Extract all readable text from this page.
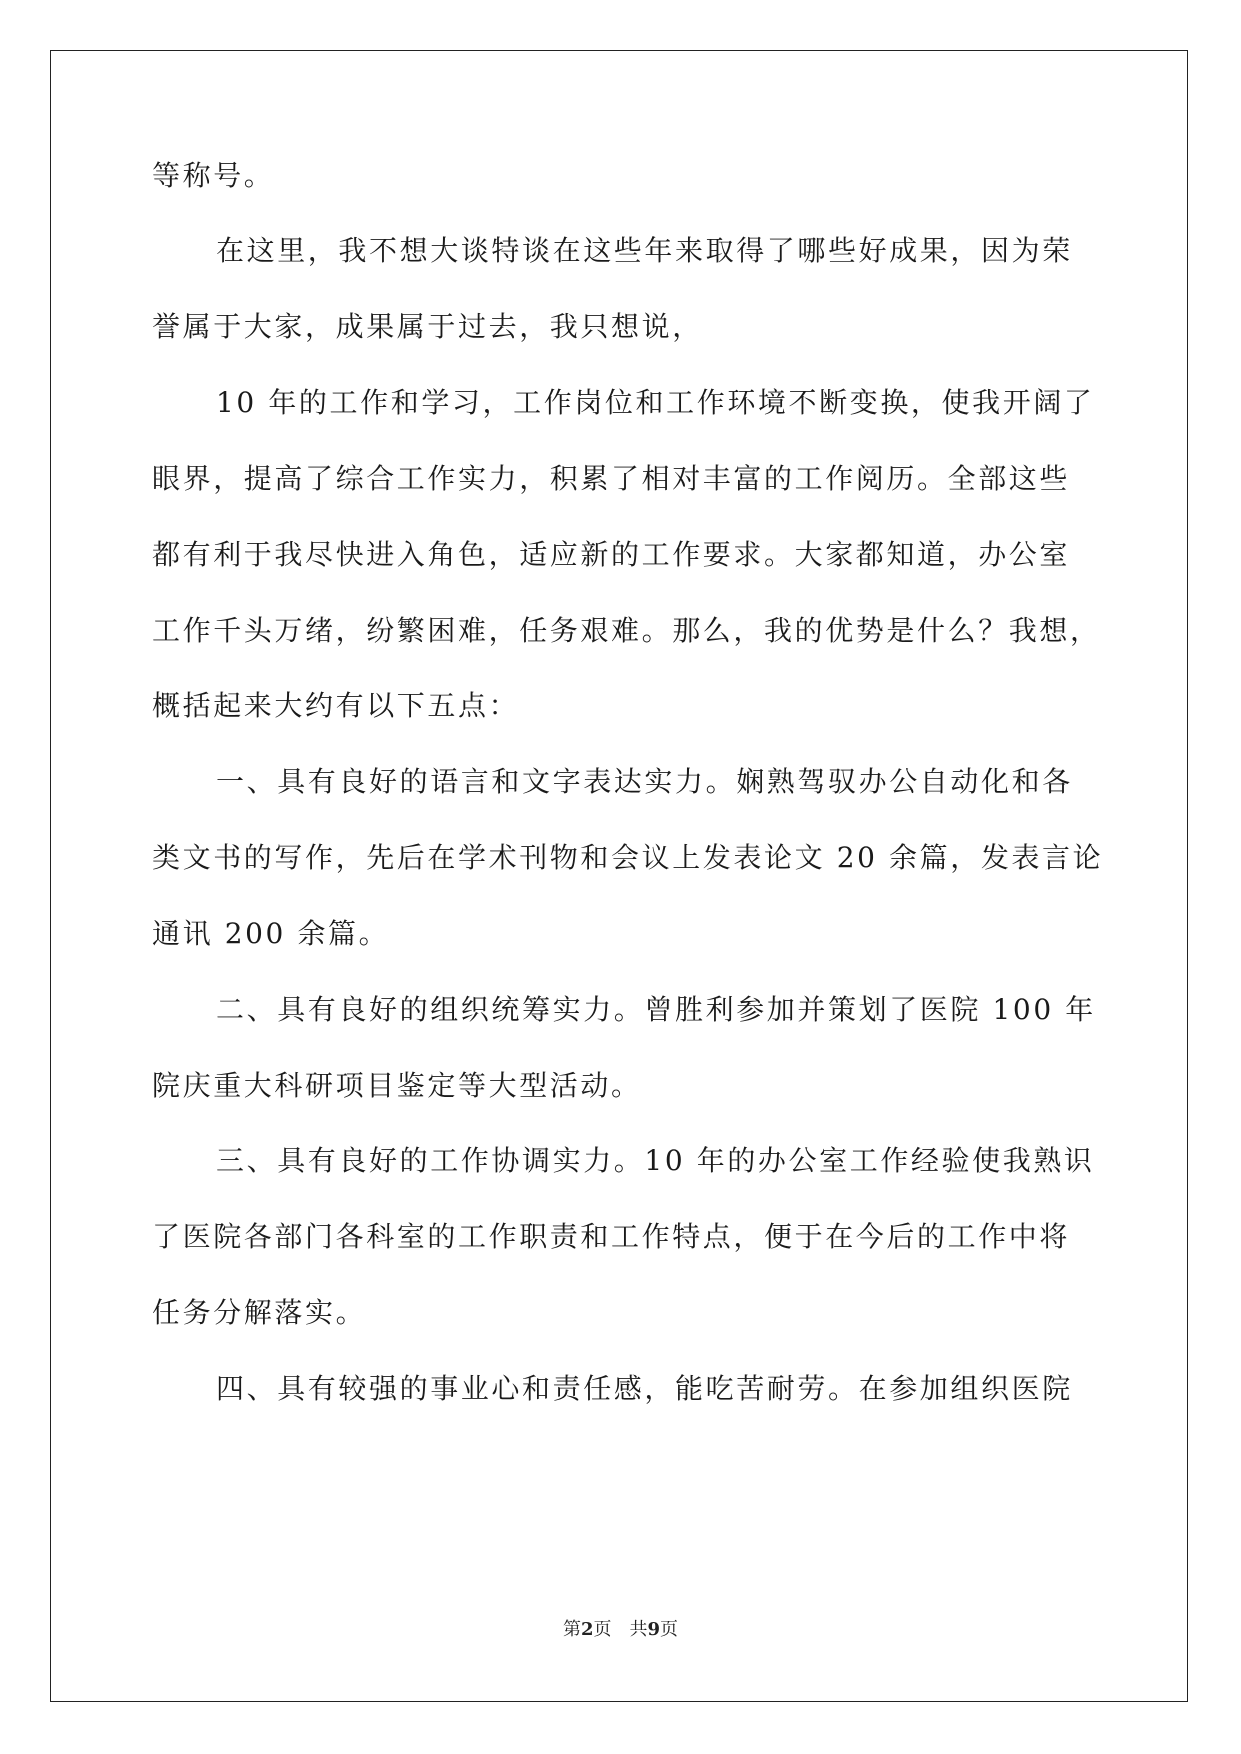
等称号。
在这里，我不想大谈特谈在这些年来取得了哪些好成果，因为荣
誉属于大家，成果属于过去，我只想说，
10 年的工作和学习，工作岗位和工作环境不断变换，使我开阔了
眼界，提高了综合工作实力，积累了相对丰富的工作阅历。全部这些
都有利于我尽快进入角色，适应新的工作要求。大家都知道，办公室
工作千头万绪，纷繁困难，任务艰难。那么，我的优势是什么？我想，
概括起来大约有以下五点：
一、具有良好的语言和文字表达实力。娴熟驾驭办公自动化和各
类文书的写作，先后在学术刊物和会议上发表论文 20 余篇，发表言论
通讯 200 余篇。
二、具有良好的组织统筹实力。曾胜利参加并策划了医院 100 年
院庆重大科研项目鉴定等大型活动。
三、具有良好的工作协调实力。10 年的办公室工作经验使我熟识
了医院各部门各科室的工作职责和工作特点，便于在今后的工作中将
任务分解落实。
四、具有较强的事业心和责任感，能吃苦耐劳。在参加组织医院
第2页　共9页
